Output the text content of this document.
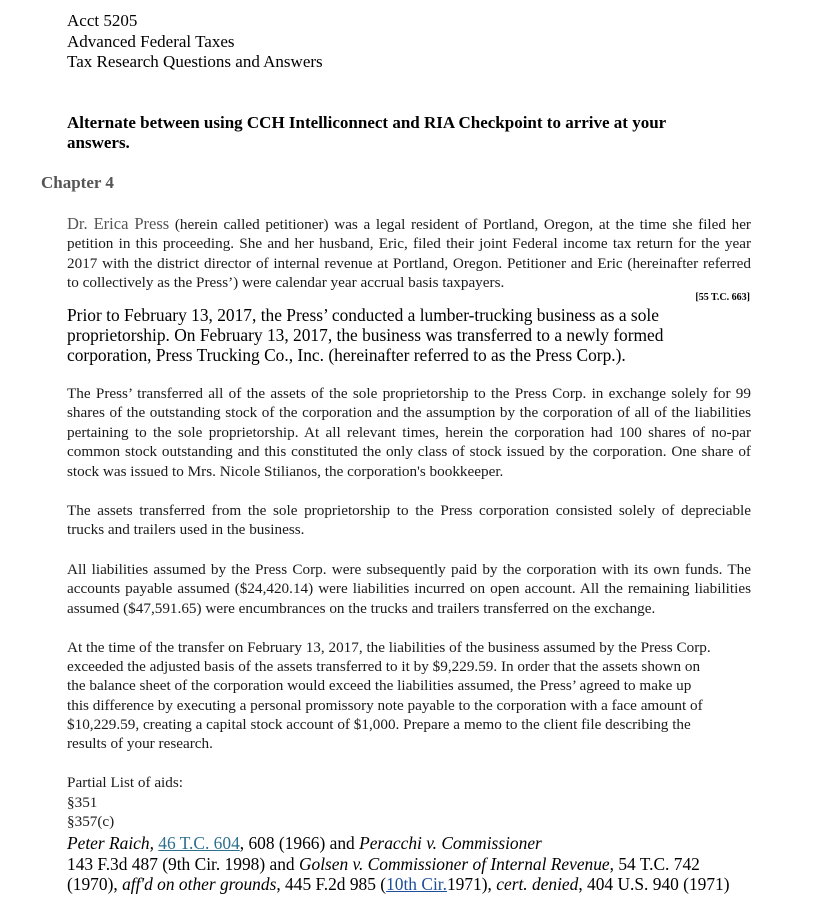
Acct 5205
Advanced Federal Taxes
Tax Research Questions and Answers
Alternate between using CCH Intelliconnect and RIA Checkpoint to arrive at your
answers.
Chapter 4
Dr. Erica Press (herein called petitioner) was a legal resident of Portland, Oregon, at the time she filed her petition in this proceeding. She and her husband, Eric, filed their joint Federal income tax return for the year 2017 with the district director of internal revenue at Portland, Oregon. Petitioner and Eric (hereinafter referred to collectively as the Press’) were calendar year accrual basis taxpayers.
[55 T.C. 663]
Prior to February 13, 2017, the Press’ conducted a lumber-trucking business as a sole
proprietorship. On February 13, 2017, the business was transferred to a newly formed
corporation, Press Trucking Co., Inc. (hereinafter referred to as the Press Corp.).
The Press’ transferred all of the assets of the sole proprietorship to the Press Corp. in exchange solely for 99 shares of the outstanding stock of the corporation and the assumption by the corporation of all of the liabilities pertaining to the sole proprietorship. At all relevant times, herein the corporation had 100 shares of no-par common stock outstanding and this constituted the only class of stock issued by the corporation. One share of stock was issued to Mrs. Nicole Stilianos, the corporation's bookkeeper.
The assets transferred from the sole proprietorship to the Press corporation consisted solely of depreciable trucks and trailers used in the business.
All liabilities assumed by the Press Corp. were subsequently paid by the corporation with its own funds. The accounts payable assumed ($24,420.14) were liabilities incurred on open account. All the remaining liabilities assumed ($47,591.65) were encumbrances on the trucks and trailers transferred on the exchange.
At the time of the transfer on February 13, 2017, the liabilities of the business assumed by the Press Corp.
exceeded the adjusted basis of the assets transferred to it by $9,229.59. In order that the assets shown on
the balance sheet of the corporation would exceed the liabilities assumed, the Press’ agreed to make up
this difference by executing a personal promissory note payable to the corporation with a face amount of
$10,229.59, creating a capital stock account of $1,000. Prepare a memo to the client file describing the
results of your research.
Partial List of aids:
§351
§357(c)
Peter Raich, 46 T.C. 604, 608 (1966) and Peracchi v. Commissioner
143 F.3d 487 (9th Cir. 1998) and Golsen v. Commissioner of Internal Revenue, 54 T.C. 742
(1970), aff'd on other grounds, 445 F.2d 985 (10th Cir.1971), cert. denied, 404 U.S. 940 (1971)
